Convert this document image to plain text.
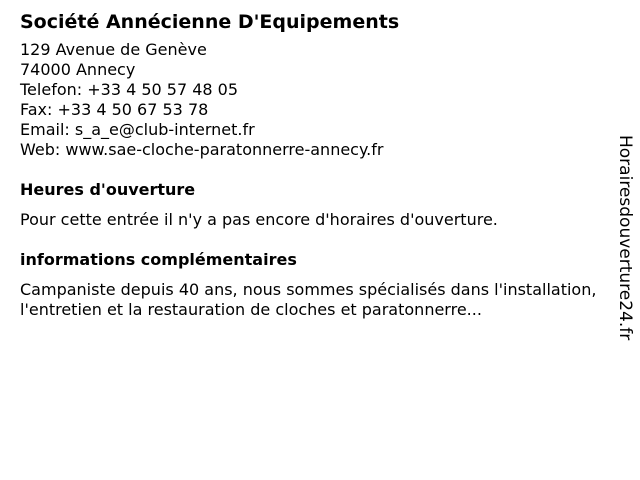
Société Annécienne D'Equipements
129 Avenue de Genève
74000 Annecy
Telefon: +33 4 50 57 48 05
Fax: +33 4 50 67 53 78
Email: s_a_e@club-internet.fr
Web: www.sae-cloche-paratonnerre-annecy.fr
Heures d'ouverture
Pour cette entrée il n'y a pas encore d'horaires d'ouverture.
informations complémentaires
Campaniste depuis 40 ans, nous sommes spécialisés dans l'installation, l'entretien et la restauration de cloches et paratonnerre...	Horairesdouverture24.fr
